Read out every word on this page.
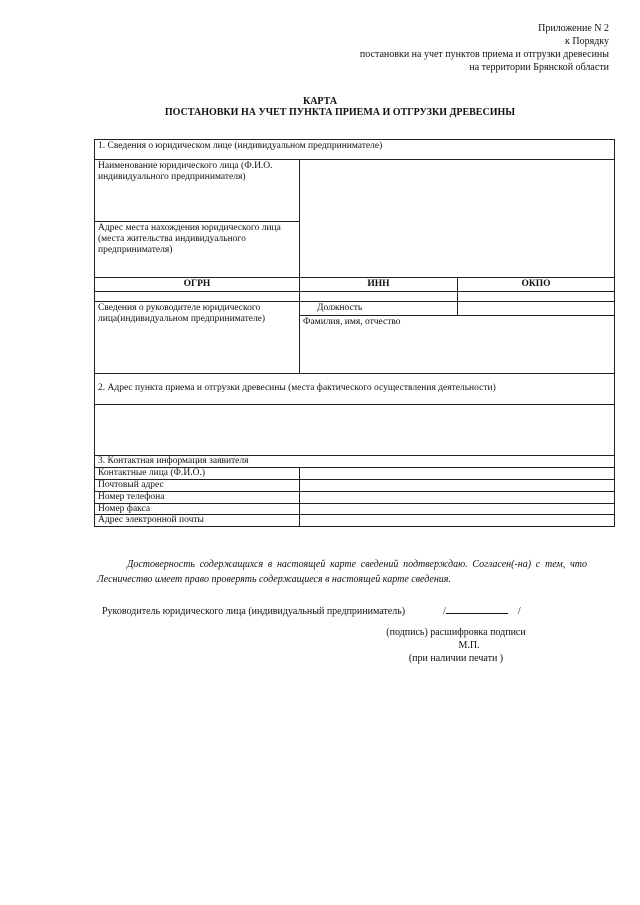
Приложение N 2
к Порядку
постановки на учет пунктов приема и отгрузки древесины
на территории Брянской области
КАРТА
ПОСТАНОВКИ НА УЧЕТ ПУНКТА ПРИЕМА И ОТГРУЗКИ ДРЕВЕСИНЫ
1. Сведения о юридическом лице (индивидуальном предпринимателе)		
Наименование юридического лица (Ф.И.О. индивидуального предпринимателя)		
Адрес места нахождения юридического лица (места жительства индивидуального предпринимателя)		
ОГРН	ИНН	ОКПО

Сведения о руководителе юридического лица(индивидуальном предпринимателе)	Должность	
	Фамилия, имя, отчество	
2. Адрес пункта приема и отгрузки древесины (места фактического осуществления деятельности)		

3. Контактная информация заявителя		
Контактные лица (Ф.И.О.)		
Почтовый адрес		
Номер телефона		
Номер факса		
Адрес электронной почты		
Достоверность содержащихся в настоящей карте сведений подтверждаю. Согласен(-на) с тем, что Лесничество имеет право проверять содержащиеся в настоящей карте сведения.
Руководитель юридического лица (индивидуальный предприниматель)	/	/
(подпись) расшифровка подписи
М.П.
(при наличии печати )
